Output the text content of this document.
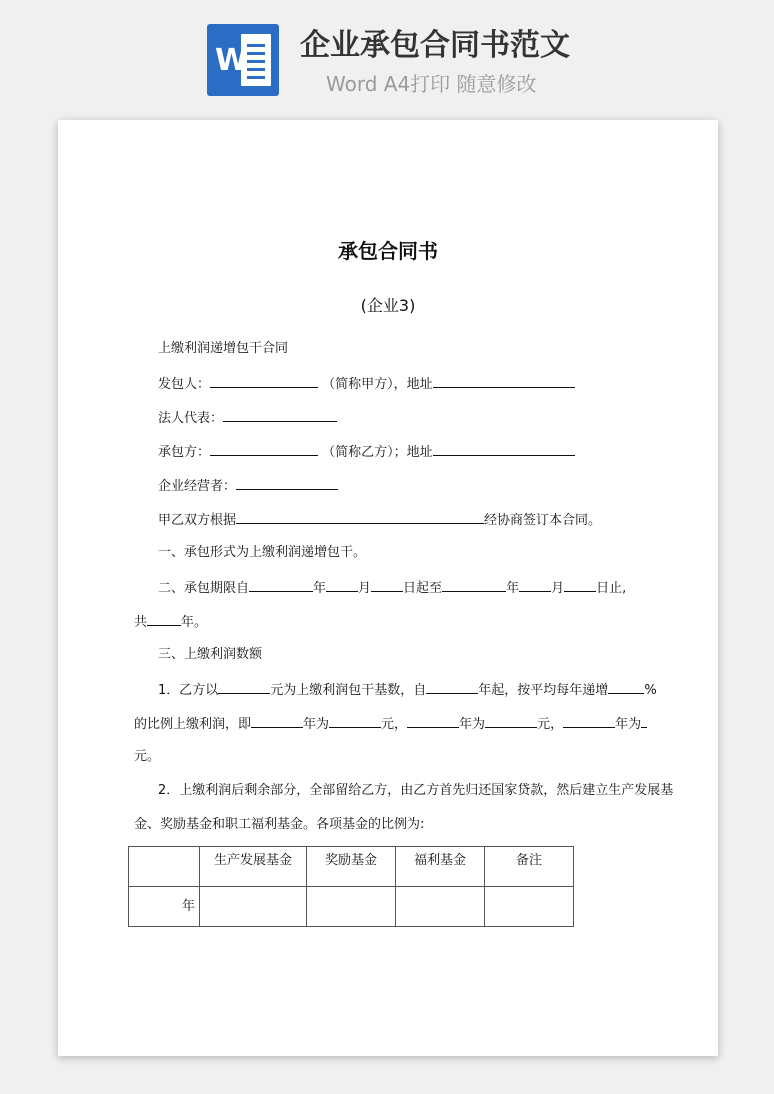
W 企业承包合同书范文
Word A4打印 随意修改
承包合同书
(企业3)
上缴利润递增包干合同
发包人：	（简称甲方），地址
法人代表：
承包方：	（简称乙方）；地址
企业经营者：
甲乙双方根据	经协商签订本合同。
一、承包形式为上缴利润递增包干。
二、承包期限自	年 月 日起至	年 月 日止,
共	年。
三、上缴利润数额
1．乙方以	元为上缴利润包干基数，自	年起，按平均每年递增	%
的比例上缴利润，即	年为	元，	年为	元，	年为
元。
2．上缴利润后剩余部分，全部留给乙方，由乙方首先归还国家贷款，然后建立生产发展基
金、奖励基金和职工福利基金。各项基金的比例为:
	生产发展基金	奖励基金	福利基金	备注
年				
